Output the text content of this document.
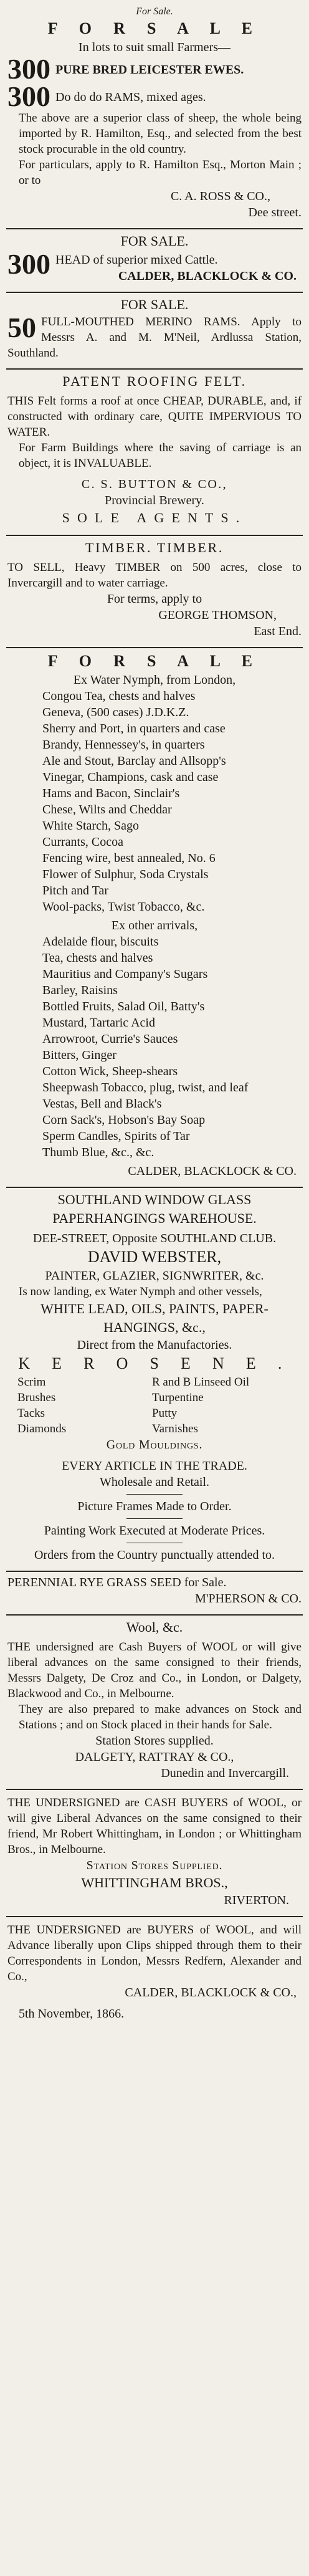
For Sale.

F O R S A L E

In lots to suit small Farmers—

300 PURE BRED LEICESTER EWES.

300 Do do do RAMS, mixed ages.

The above are a superior class of sheep, the whole being imported by R. Hamilton, Esq., and selected from the best stock procurable in the old country.

For particulars, apply to R. Hamilton Esq., Morton Main ; or to

C. A. ROSS & CO.,

Dee street.

FOR SALE.

300 HEAD of superior mixed Cattle.

CALDER, BLACKLOCK & CO.

FOR SALE.

50 FULL-MOUTHED MERINO RAMS. Apply to Messrs A. and M. M'Neil, Ardlussa Station, Southland.

PATENT ROOFING FELT.

THIS Felt forms a roof at once CHEAP, DURABLE, and, if constructed with ordinary care, QUITE IMPERVIOUS TO WATER.

For Farm Buildings where the saving of carriage is an object, it is INVALUABLE.

C. S. BUTTON & CO.,

Provincial Brewery.

SOLE AGENTS.

TIMBER. TIMBER.

TO SELL, Heavy TIMBER on 500 acres, close to Invercargill and to water carriage.

For terms, apply to

GEORGE THOMSON,

East End.

F O R S A L E

Ex Water Nymph, from London,

Congou Tea, chests and halves

Geneva, (500 cases) J.D.K.Z.

Sherry and Port, in quarters and case

Brandy, Hennessey's, in quarters

Ale and Stout, Barclay and Allsopp's

Vinegar, Champions, cask and case

Hams and Bacon, Sinclair's

Chese, Wilts and Cheddar

White Starch, Sago

Currants, Cocoa

Fencing wire, best annealed, No. 6

Flower of Sulphur, Soda Crystals

Pitch and Tar

Wool-packs, Twist Tobacco, &c.

Ex other arrivals,

Adelaide flour, biscuits

Tea, chests and halves

Mauritius and Company's Sugars

Barley, Raisins

Bottled Fruits, Salad Oil, Batty's

Mustard, Tartaric Acid

Arrowroot, Currie's Sauces

Bitters, Ginger

Cotton Wick, Sheep-shears

Sheepwash Tobacco, plug, twist, and leaf

Vestas, Bell and Black's

Corn Sack's, Hobson's Bay Soap

Sperm Candles, Spirits of Tar

Thumb Blue, &c., &c.

CALDER, BLACKLOCK & CO.

SOUTHLAND WINDOW GLASS

PAPERHANGINGS WAREHOUSE.

DEE-STREET, Opposite SOUTHLAND CLUB.

DAVID WEBSTER,

PAINTER, GLAZIER, SIGNWRITER, &c.

Is now landing, ex Water Nymph and other vessels,

WHITE LEAD, OILS, PAINTS, PAPER-HANGINGS, &c.,

Direct from the Manufactories.

K E R O S E N E .

Scrim	R and B Linseed Oil
Brushes	Turpentine
Tacks	Putty
Diamonds	Varnishes

Gold Mouldings.

EVERY ARTICLE IN THE TRADE.

Wholesale and Retail.

Picture Frames Made to Order.

Painting Work Executed at Moderate Prices.

Orders from the Country punctually attended to.

PERENNIAL RYE GRASS SEED for Sale.

M'PHERSON & CO.

Wool, &c.

THE undersigned are Cash Buyers of WOOL or will give liberal advances on the same consigned to their friends, Messrs Dalgety, De Croz and Co., in London, or Dalgety, Blackwood and Co., in Melbourne.

They are also prepared to make advances on Stock and Stations ; and on Stock placed in their hands for Sale.

Station Stores supplied.

DALGETY, RATTRAY & CO.,

Dunedin and Invercargill.

THE UNDERSIGNED are CASH BUYERS of WOOL, or will give Liberal Advances on the same consigned to their friend, Mr Robert Whittingham, in London ; or Whittingham Bros., in Melbourne.

Station Stores Supplied.

WHITTINGHAM BROS.,

RIVERTON.

THE UNDERSIGNED are BUYERS of WOOL, and will Advance liberally upon Clips shipped through them to their Correspondents in London, Messrs Redfern, Alexander and Co.,

CALDER, BLACKLOCK & CO.,

5th November, 1866.
